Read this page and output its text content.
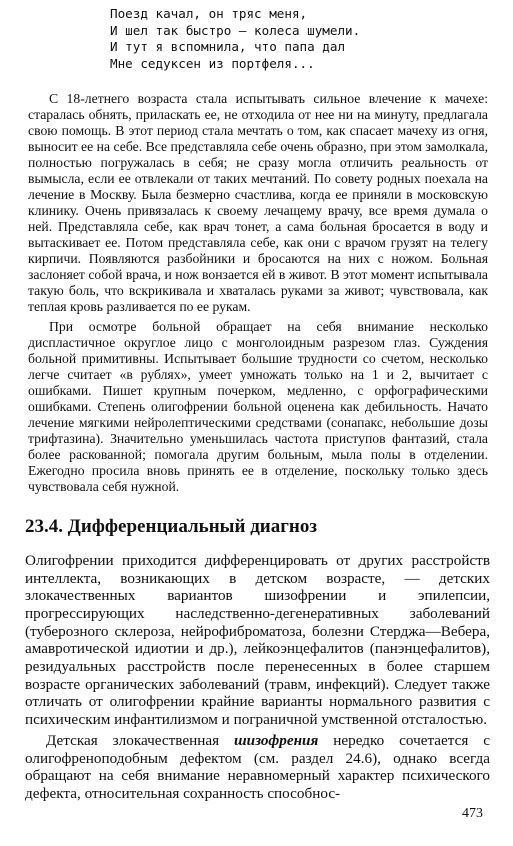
Поезд качал, он тряс меня,
И шел так быстро — колеса шумели.
И тут я вспомнила, что папа дал
Мне седуксен из портфеля...

С 18-летнего возраста стала испытывать сильное влечение к мачехе: старалась обнять, приласкать ее, не отходила от нее ни на минуту, предлагала свою помощь. В этот период стала мечтать о том, как спасает мачеху из огня, выносит ее на себе. Все представляла себе очень образно, при этом замолкала, полностью погружалась в себя; не сразу могла отличить реальность от вымысла, если ее отвлекали от таких мечтаний. По совету родных поехала на лечение в Москву. Была безмерно счастлива, когда ее приняли в московскую клинику. Очень привязалась к своему лечащему врачу, все время думала о ней. Представляла себе, как врач тонет, а сама больная бросается в воду и вытаскивает ее. Потом представляла себе, как они с врачом грузят на телегу кирпичи. Появляются разбойники и бросаются на них с ножом. Больная заслоняет собой врача, и нож вонзается ей в живот. В этот момент испытывала такую боль, что вскрикивала и хваталась руками за живот; чувствовала, как теплая кровь разливается по ее рукам.

При осмотре больной обращает на себя внимание несколько диспластичное округлое лицо с монголоидным разрезом глаз. Суждения больной примитивны. Испытывает большие трудности со счетом, несколько легче считает «в рублях», умеет умножать только на 1 и 2, вычитает с ошибками. Пишет крупным почерком, медленно, с орфографическими ошибками. Степень олигофрении больной оценена как дебильность. Начато лечение мягкими нейролептическими средствами (сонапакс, небольшие дозы трифтазина). Значительно уменьшилась частота приступов фантазий, стала более раскованной; помогала другим больным, мыла полы в отделении. Ежегодно просила вновь принять ее в отделение, поскольку только здесь чувствовала себя нужной.

23.4. Дифференциальный диагноз

Олигофрении приходится дифференцировать от других расстройств интеллекта, возникающих в детском возрасте, — детских злокачественных вариантов шизофрении и эпилепсии, прогрессирующих наследственно-дегенеративных заболеваний (туберозного склероза, нейрофиброматоза, болезни Стерджа—Вебера, амавротической идиотии и др.), лейкоэнцефалитов (панэнцефалитов), резидуальных расстройств после перенесенных в более старшем возрасте органических заболеваний (травм, инфекций). Следует также отличать от олигофрении крайние варианты нормального развития с психическим инфантилизмом и пограничной умственной отсталостью.

Детская злокачественная шизофрения нередко сочетается с олигофреноподобным дефектом (см. раздел 24.6), однако всегда обращают на себя внимание неравномерный характер психического дефекта, относительная сохранность способнос-

473
